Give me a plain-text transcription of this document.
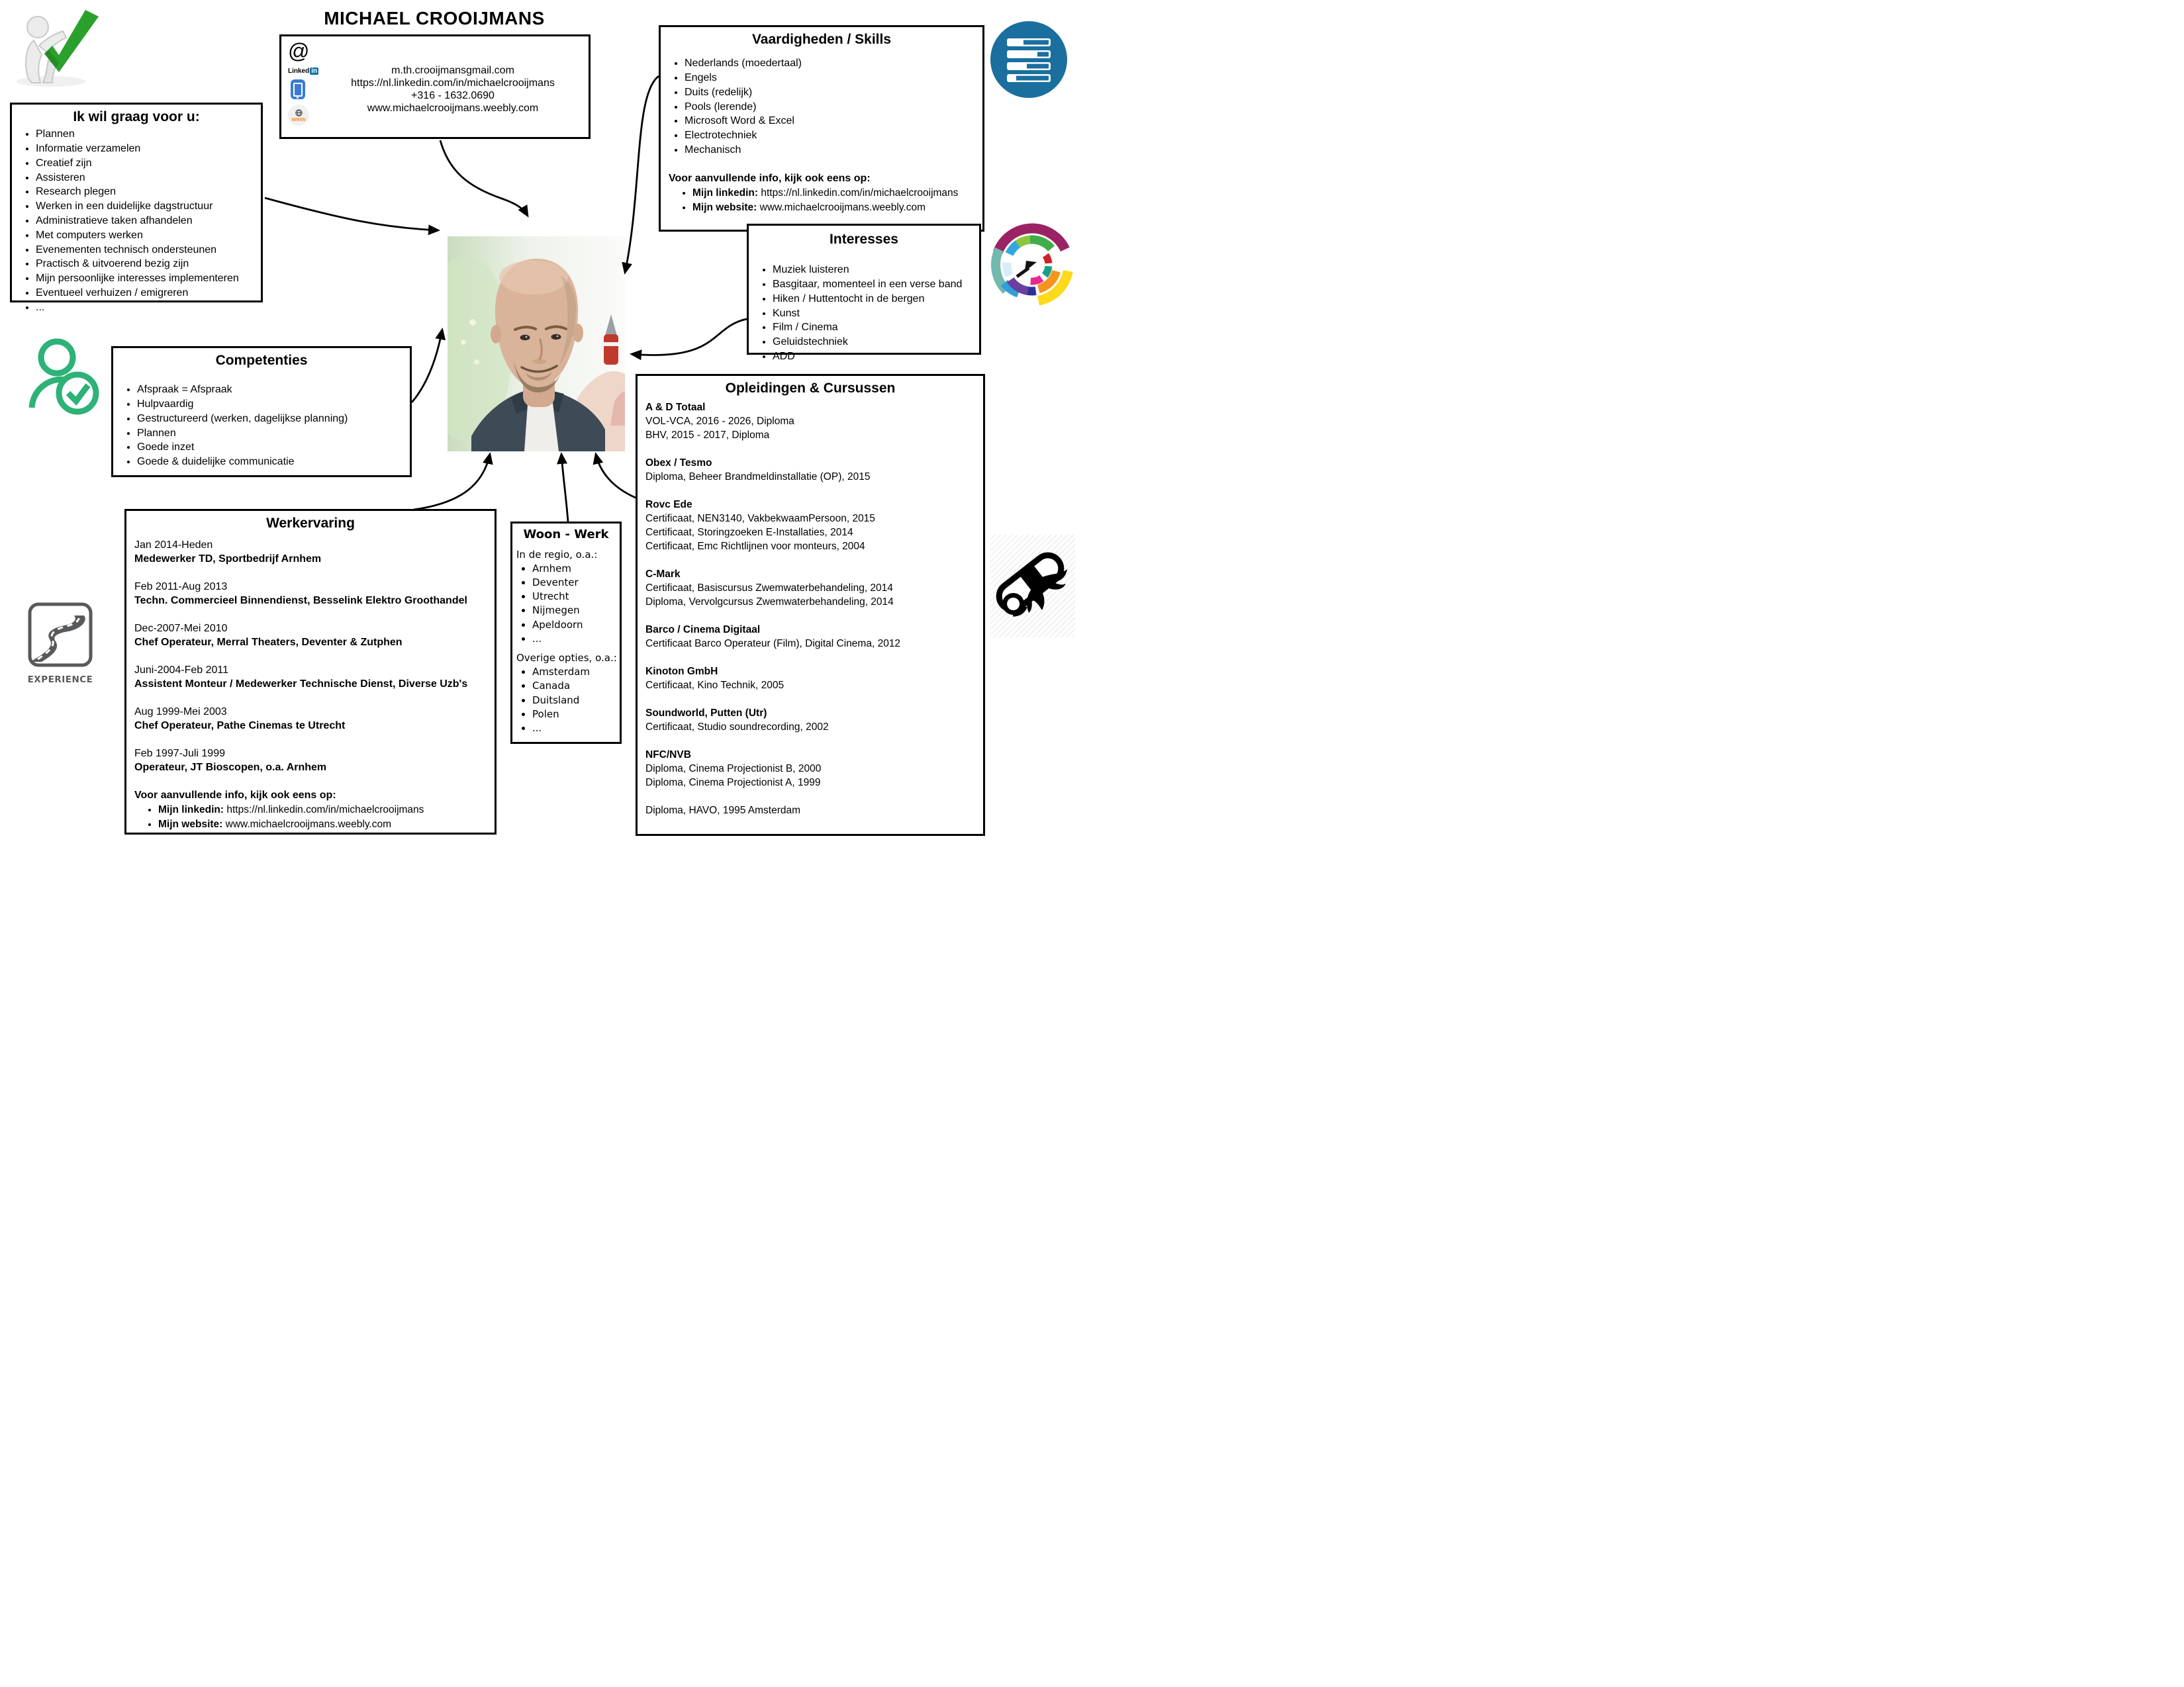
MICHAEL CROOIJMANS
@
Linked in
www
m.th.crooijmansgmail.com
https://nl.linkedin.com/in/michaelcrooijmans
+316 - 1632.0690
www.michaelcrooijmans.weebly.com
Ik wil graag voor u:
• Plannen
• Informatie verzamelen
• Creatief zijn
• Assisteren
• Research plegen
• Werken in een duidelijke dagstructuur
• Administratieve taken afhandelen
• Met computers werken
• Evenementen technisch ondersteunen
• Practisch & uitvoerend bezig zijn
• Mijn persoonlijke interesses implementeren
• Eventueel verhuizen / emigreren
• ...
Vaardigheden / Skills
• Nederlands (moedertaal)
• Engels
• Duits (redelijk)
• Pools (lerende)
• Microsoft Word & Excel
• Electrotechniek
• Mechanisch
Voor aanvullende info, kijk ook eens op:
• Mijn linkedin: https://nl.linkedin.com/in/michaelcrooijmans
• Mijn website: www.michaelcrooijmans.weebly.com
Interesses
• Muziek luisteren
• Basgitaar, momenteel in een verse band
• Hiken / Huttentocht in de bergen
• Kunst
• Film / Cinema
• Geluidstechniek
• ADD
Competenties
• Afspraak = Afspraak
• Hulpvaardig
• Gestructureerd (werken, dagelijkse planning)
• Plannen
• Goede inzet
• Goede & duidelijke communicatie
Werkervaring
Jan 2014-Heden
Medewerker TD, Sportbedrijf Arnhem
Feb 2011-Aug 2013
Techn. Commercieel Binnendienst, Besselink Elektro Groothandel
Dec-2007-Mei 2010
Chef Operateur, Merral Theaters, Deventer & Zutphen
Juni-2004-Feb 2011
Assistent Monteur / Medewerker Technische Dienst, Diverse Uzb's
Aug 1999-Mei 2003
Chef Operateur, Pathe Cinemas te Utrecht
Feb 1997-Juli 1999
Operateur, JT Bioscopen, o.a. Arnhem
Voor aanvullende info, kijk ook eens op:
• Mijn linkedin: https://nl.linkedin.com/in/michaelcrooijmans
• Mijn website: www.michaelcrooijmans.weebly.com
Woon - Werk
In de regio, o.a.:
• Arnhem
• Deventer
• Utrecht
• Nijmegen
• Apeldoorn
• ...
Overige opties, o.a.:
• Amsterdam
• Canada
• Duitsland
• Polen
• ...
Opleidingen & Cursussen
A & D Totaal
VOL-VCA, 2016 - 2026, Diploma
BHV, 2015 - 2017, Diploma
Obex / Tesmo
Diploma, Beheer Brandmeldinstallatie (OP), 2015
Rovc Ede
Certificaat, NEN3140, VakbekwaamPersoon, 2015
Certificaat, Storingzoeken E-Installaties, 2014
Certificaat, Emc Richtlijnen voor monteurs, 2004
C-Mark
Certificaat, Basiscursus Zwemwaterbehandeling, 2014
Diploma, Vervolgcursus Zwemwaterbehandeling, 2014
Barco / Cinema Digitaal
Certificaat Barco Operateur (Film), Digital Cinema, 2012
Kinoton GmbH
Certificaat, Kino Technik, 2005
Soundworld, Putten (Utr)
Certificaat, Studio soundrecording, 2002
NFC/NVB
Diploma, Cinema Projectionist B, 2000
Diploma, Cinema Projectionist A, 1999
Diploma, HAVO, 1995 Amsterdam
EXPERIENCE
